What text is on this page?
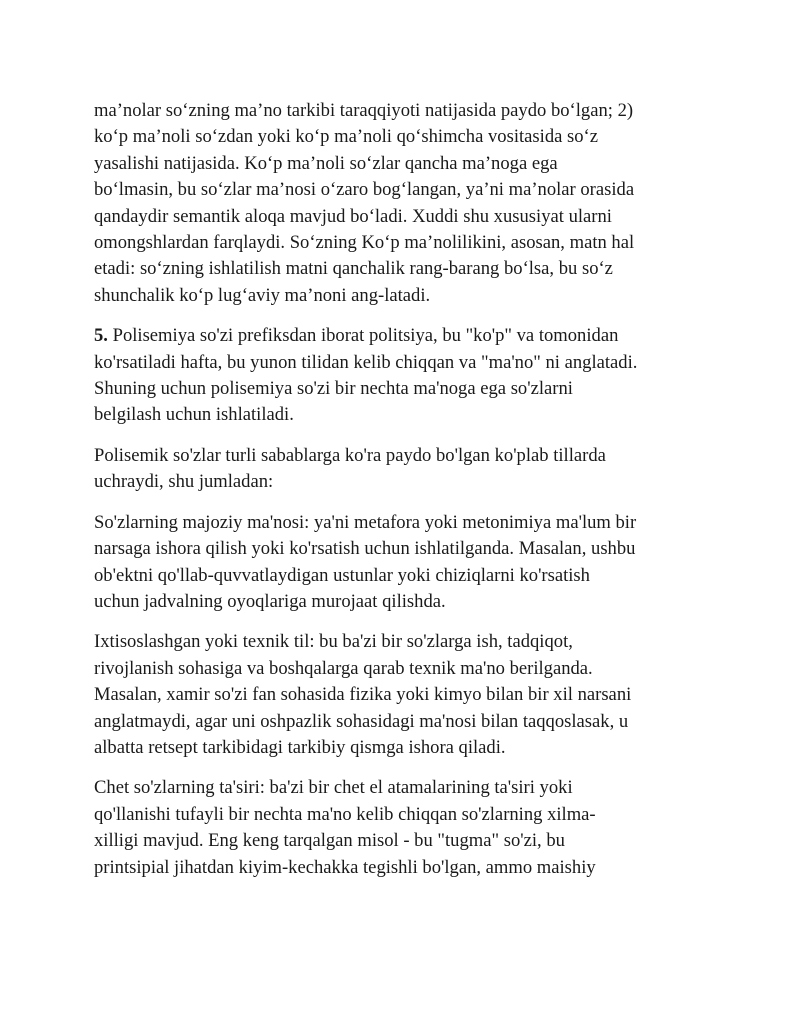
ma’nolar so‘zning ma’no tarkibi taraqqiyoti natijasida paydo bo‘lgan; 2)
ko‘p ma’noli so‘zdan yoki ko‘p ma’noli qo‘shimcha vositasida so‘z
yasalishi natijasida. Ko‘p ma’noli so‘zlar qancha ma’noga ega
bo‘lmasin, bu so‘zlar ma’nosi o‘zaro bog‘langan, ya’ni ma’nolar orasida
qandaydir semantik aloqa mavjud bo‘ladi. Xuddi shu xususiyat ularni
omongshlardan farqlaydi. So‘zning Ko‘p ma’nolilikini, asosan, matn hal
etadi: so‘zning ishlatilish matni qanchalik rang-barang bo‘lsa, bu so‘z
shunchalik ko‘p lug‘aviy ma’noni ang-latadi.

5. Polisemiya so'zi prefiksdan iborat politsiya, bu "ko'p" va tomonidan
ko'rsatiladi hafta, bu yunon tilidan kelib chiqqan va "ma'no" ni anglatadi.
Shuning uchun polisemiya so'zi bir nechta ma'noga ega so'zlarni
belgilash uchun ishlatiladi.

Polisemik so'zlar turli sabablarga ko'ra paydo bo'lgan ko'plab tillarda
uchraydi, shu jumladan:

So'zlarning majoziy ma'nosi: ya'ni metafora yoki metonimiya ma'lum bir
narsaga ishora qilish yoki ko'rsatish uchun ishlatilganda. Masalan, ushbu
ob'ektni qo'llab-quvvatlaydigan ustunlar yoki chiziqlarni ko'rsatish
uchun jadvalning oyoqlariga murojaat qilishda.

Ixtisoslashgan yoki texnik til: bu ba'zi bir so'zlarga ish, tadqiqot,
rivojlanish sohasiga va boshqalarga qarab texnik ma'no berilganda.
Masalan, xamir so'zi fan sohasida fizika yoki kimyo bilan bir xil narsani
anglatmaydi, agar uni oshpazlik sohasidagi ma'nosi bilan taqqoslasak, u
albatta retsept tarkibidagi tarkibiy qismga ishora qiladi.

Chet so'zlarning ta'siri: ba'zi bir chet el atamalarining ta'siri yoki
qo'llanishi tufayli bir nechta ma'no kelib chiqqan so'zlarning xilma-
xilligi mavjud. Eng keng tarqalgan misol - bu "tugma" so'zi, bu
printsipial jihatdan kiyim-kechakka tegishli bo'lgan, ammo maishiy
